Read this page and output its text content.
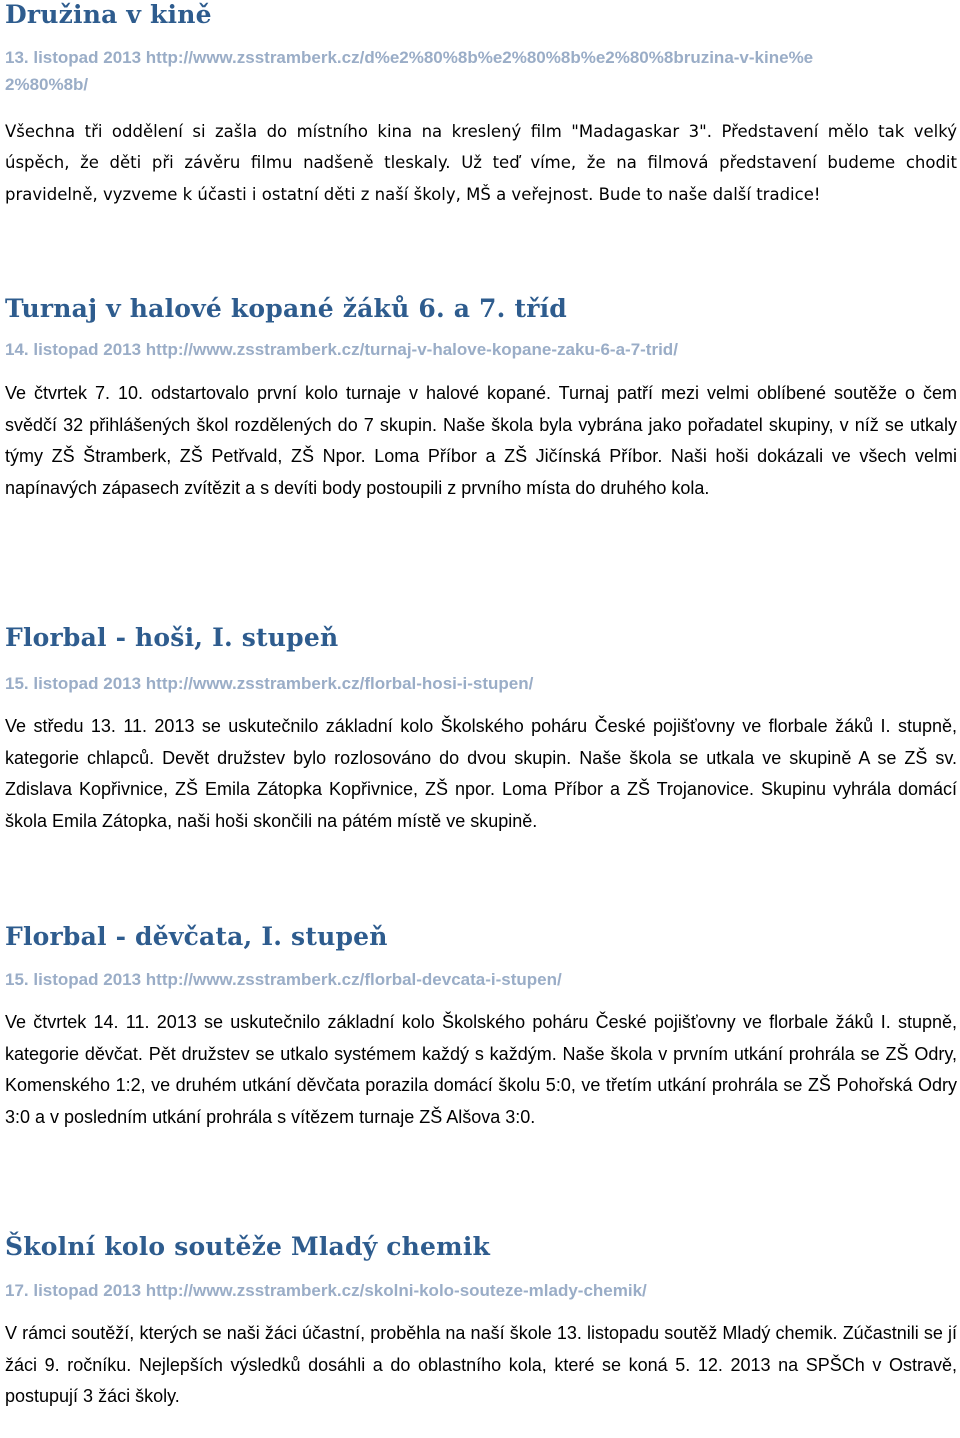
Družina v kině
13. listopad 2013 http://www.zsstramberk.cz/d%e2%80%8b%e2%80%8b%e2%80%8bruzina-v-kine%e2%80%8b/
Všechna tři oddělení si zašla do místního kina na kreslený film "Madagaskar 3". Představení mělo tak velký úspěch, že děti při závěru filmu nadšeně tleskaly. Už teď víme, že na filmová představení budeme chodit pravidelně, vyzveme k účasti i ostatní děti z naší školy, MŠ a veřejnost. Bude to naše další tradice!
Turnaj v halové kopané žáků 6. a 7. tříd
14. listopad 2013 http://www.zsstramberk.cz/turnaj-v-halove-kopane-zaku-6-a-7-trid/
Ve čtvrtek 7. 10. odstartovalo první kolo turnaje v halové kopané. Turnaj patří mezi velmi oblíbené soutěže o čem svědčí 32 přihlášených škol rozdělených do 7 skupin. Naše škola byla vybrána jako pořadatel skupiny, v níž se utkaly týmy ZŠ Štramberk, ZŠ Petřvald, ZŠ Npor. Loma Příbor a ZŠ Jičínská Příbor. Naši hoši dokázali ve všech velmi napínavých zápasech zvítězit a s devíti body postoupili z prvního místa do druhého kola.
Florbal - hoši, I. stupeň
15. listopad 2013 http://www.zsstramberk.cz/florbal-hosi-i-stupen/
Ve středu 13. 11. 2013 se uskutečnilo základní kolo Školského poháru České pojišťovny ve florbale žáků I. stupně, kategorie chlapců. Devět družstev bylo rozlosováno do dvou skupin. Naše škola se utkala ve skupině A se ZŠ sv. Zdislava Kopřivnice, ZŠ Emila Zátopka Kopřivnice, ZŠ npor. Loma Příbor a ZŠ Trojanovice. Skupinu vyhrála domácí škola Emila Zátopka, naši hoši skončili na pátém místě ve skupině.
Florbal - děvčata, I. stupeň
15. listopad 2013 http://www.zsstramberk.cz/florbal-devcata-i-stupen/
Ve čtvrtek 14. 11. 2013 se uskutečnilo základní kolo Školského poháru České pojišťovny ve florbale žáků I. stupně, kategorie děvčat. Pět družstev se utkalo systémem každý s každým. Naše škola v prvním utkání prohrála se ZŠ Odry, Komenského 1:2, ve druhém utkání děvčata porazila domácí školu 5:0, ve třetím utkání prohrála se ZŠ Pohořská Odry 3:0 a v posledním utkání prohrála s vítězem turnaje ZŠ Alšova 3:0.
Školní kolo soutěže Mladý chemik
17. listopad 2013 http://www.zsstramberk.cz/skolni-kolo-souteze-mlady-chemik/
V rámci soutěží, kterých se naši žáci účastní, proběhla na naší škole 13. listopadu soutěž Mladý chemik. Zúčastnili se jí žáci 9. ročníku. Nejlepších výsledků dosáhli a do oblastního kola, které se koná 5. 12. 2013 na SPŠCh v Ostravě, postupují 3 žáci školy.
